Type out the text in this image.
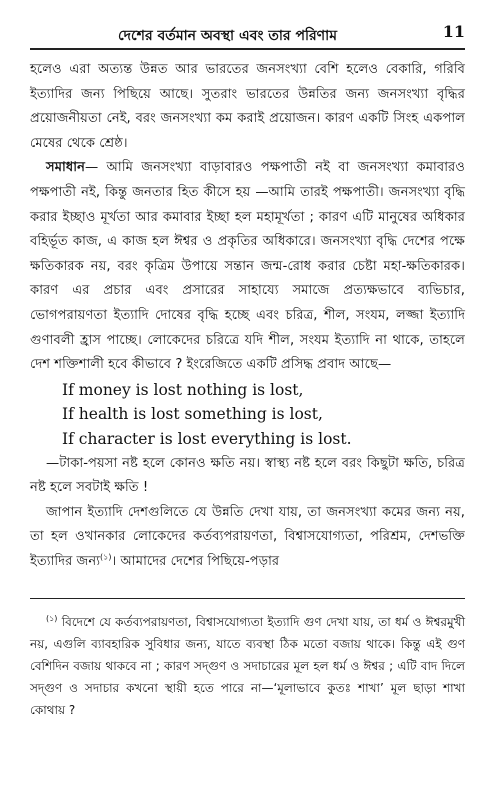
দেশের বর্তমান অবস্থা এবং তার পরিণাম	11

হলেও এরা অত্যন্ত উন্নত আর ভারতের জনসংখ্যা বেশি হলেও বেকারি, গরিবি ইত্যাদির জন্য পিছিয়ে আছে। সুতরাং ভারতের উন্নতির জন্য জনসংখ্যা বৃদ্ধির প্রয়োজনীয়তা নেই, বরং জনসংখ্যা কম করাই প্রয়োজন। কারণ একটি সিংহ একপাল মেষের থেকে শ্রেষ্ঠ।

সমাধান— আমি জনসংখ্যা বাড়াবারও পক্ষপাতী নই বা জনসংখ্যা কমাবারও পক্ষপাতী নই, কিন্তু জনতার হিত কীসে হয় —আমি তারই পক্ষপাতী। জনসংখ্যা বৃদ্ধি করার ইচ্ছাও মূর্খতা আর কমাবার ইচ্ছা হল মহামূর্খতা ; কারণ এটি মানুষের অধিকার বহির্ভূত কাজ, এ কাজ হল ঈশ্বর ও প্রকৃতির অধিকারে। জনসংখ্যা বৃদ্ধি দেশের পক্ষে ক্ষতিকারক নয়, বরং কৃত্রিম উপায়ে সন্তান জন্ম-রোধ করার চেষ্টা মহা-ক্ষতিকারক। কারণ এর প্রচার এবং প্রসারের সাহায্যে সমাজে প্রত্যক্ষভাবে ব্যভিচার, ভোগপরায়ণতা ইত্যাদি দোষের বৃদ্ধি হচ্ছে এবং চরিত্র, শীল, সংযম, লজ্জা ইত্যাদি গুণাবলী হ্রাস পাচ্ছে। লোকেদের চরিত্রে যদি শীল, সংযম ইত্যাদি না থাকে, তাহলে দেশ শক্তিশালী হবে কীভাবে ? ইংরেজিতে একটি প্রসিদ্ধ প্রবাদ আছে—

If money is lost nothing is lost,
If health is lost something is lost,
If character is lost everything is lost.

—টাকা-পয়সা নষ্ট হলে কোনও ক্ষতি নয়। স্বাস্থ্য নষ্ট হলে বরং কিছুটা ক্ষতি, চরিত্র নষ্ট হলে সবটাই ক্ষতি !

জাপান ইত্যাদি দেশগুলিতে যে উন্নতি দেখা যায়, তা জনসংখ্যা কমের জন্য নয়, তা হল ওখানকার লোকেদের কর্তব্যপরায়ণতা, বিশ্বাসযোগ্যতা, পরিশ্রম, দেশভক্তি ইত্যাদির জন্য$^{(১)}$। আমাদের দেশের পিছিয়ে-পড়ার

$^{(১)}$ বিদেশে যে কর্তব্যপরায়ণতা, বিশ্বাসযোগ্যতা ইত্যাদি গুণ দেখা যায়, তা ধর্ম ও ঈশ্বরমুখী নয়, এগুলি ব্যাবহারিক সুবিধার জন্য, যাতে ব্যবস্থা ঠিক মতো বজায় থাকে। কিন্তু এই গুণ বেশিদিন বজায় থাকবে না ; কারণ সদ্গুণ ও সদাচারের মূল হল ধর্ম ও ঈশ্বর ; এটি বাদ দিলে সদ্গুণ ও সদাচার কখনো স্থায়ী হতে পারে না—‘মূলাভাবে কুতঃ শাখা’ মূল ছাড়া শাখা কোথায় ?
